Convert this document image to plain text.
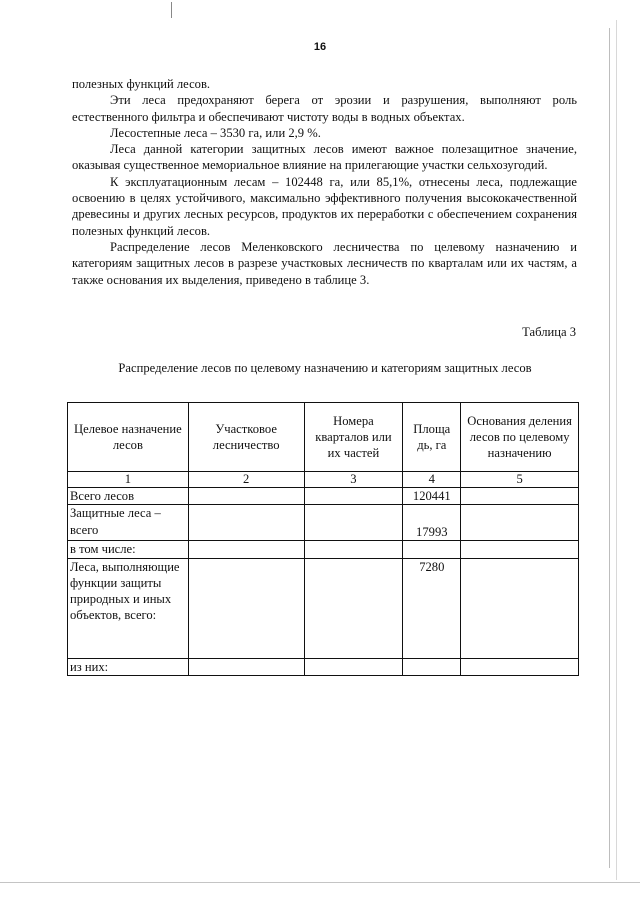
16

полезных функций лесов.

Эти леса предохраняют берега от эрозии и разрушения, выполняют роль естественного фильтра и обеспечивают чистоту воды в водных объектах.

Лесостепные леса – 3530 га, или 2,9 %.

Леса данной категории защитных лесов имеют важное полезащитное значение, оказывая существенное мемориальное влияние на прилегающие участки сельхозугодий.

К эксплуатационным лесам – 102448 га, или 85,1%, отнесены леса, подлежащие освоению в целях устойчивого, максимально эффективного получения высококачественной древесины и других лесных ресурсов, продуктов их переработки с обеспечением сохранения полезных функций лесов.

Распределение лесов Меленковского лесничества по целевому назначению и категориям защитных лесов в разрезе участковых лесничеств по кварталам или их частям, а также основания их выделения, приведено в таблице 3.

Таблица 3
Распределение лесов по целевому назначению и категориям защитных лесов
Целевое назначение лесов	Участковое лесничество	Номера кварталов или их частей	Площа дь, га	Основания деления лесов по целевому назначению
1	2	3	4	5
Всего лесов			120441	
Защитные леса – всего			17993	
в том числе:				
Леса, выполняющие функции защиты природных и иных объектов, всего:			7280	
из них:				
